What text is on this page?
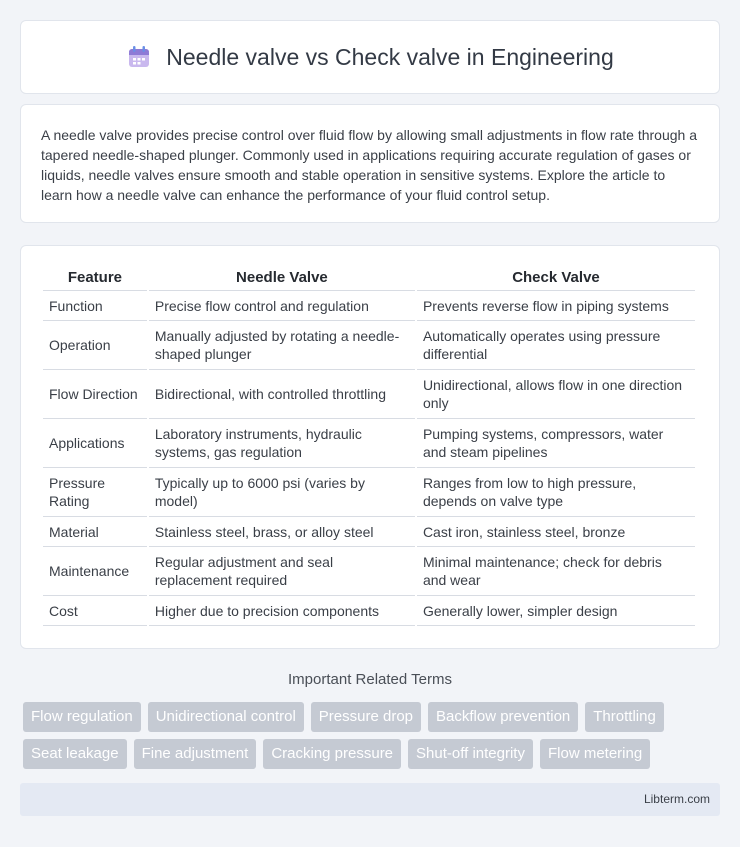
Needle valve vs Check valve in Engineering

A needle valve provides precise control over fluid flow by allowing small adjustments in flow rate through a tapered needle-shaped plunger. Commonly used in applications requiring accurate regulation of gases or liquids, needle valves ensure smooth and stable operation in sensitive systems. Explore the article to learn how a needle valve can enhance the performance of your fluid control setup.

Feature	Needle Valve	Check Valve
Function	Precise flow control and regulation	Prevents reverse flow in piping systems
Operation	Manually adjusted by rotating a needle-shaped plunger	Automatically operates using pressure differential
Flow Direction	Bidirectional, with controlled throttling	Unidirectional, allows flow in one direction only
Applications	Laboratory instruments, hydraulic systems, gas regulation	Pumping systems, compressors, water and steam pipelines
Pressure Rating	Typically up to 6000 psi (varies by model)	Ranges from low to high pressure, depends on valve type
Material	Stainless steel, brass, or alloy steel	Cast iron, stainless steel, bronze
Maintenance	Regular adjustment and seal replacement required	Minimal maintenance; check for debris and wear
Cost	Higher due to precision components	Generally lower, simpler design
Important Related Terms
Flow regulation	Unidirectional control	Pressure drop	Backflow prevention	Throttling
Seat leakage	Fine adjustment	Cracking pressure	Shut-off integrity	Flow metering
Libterm.com
